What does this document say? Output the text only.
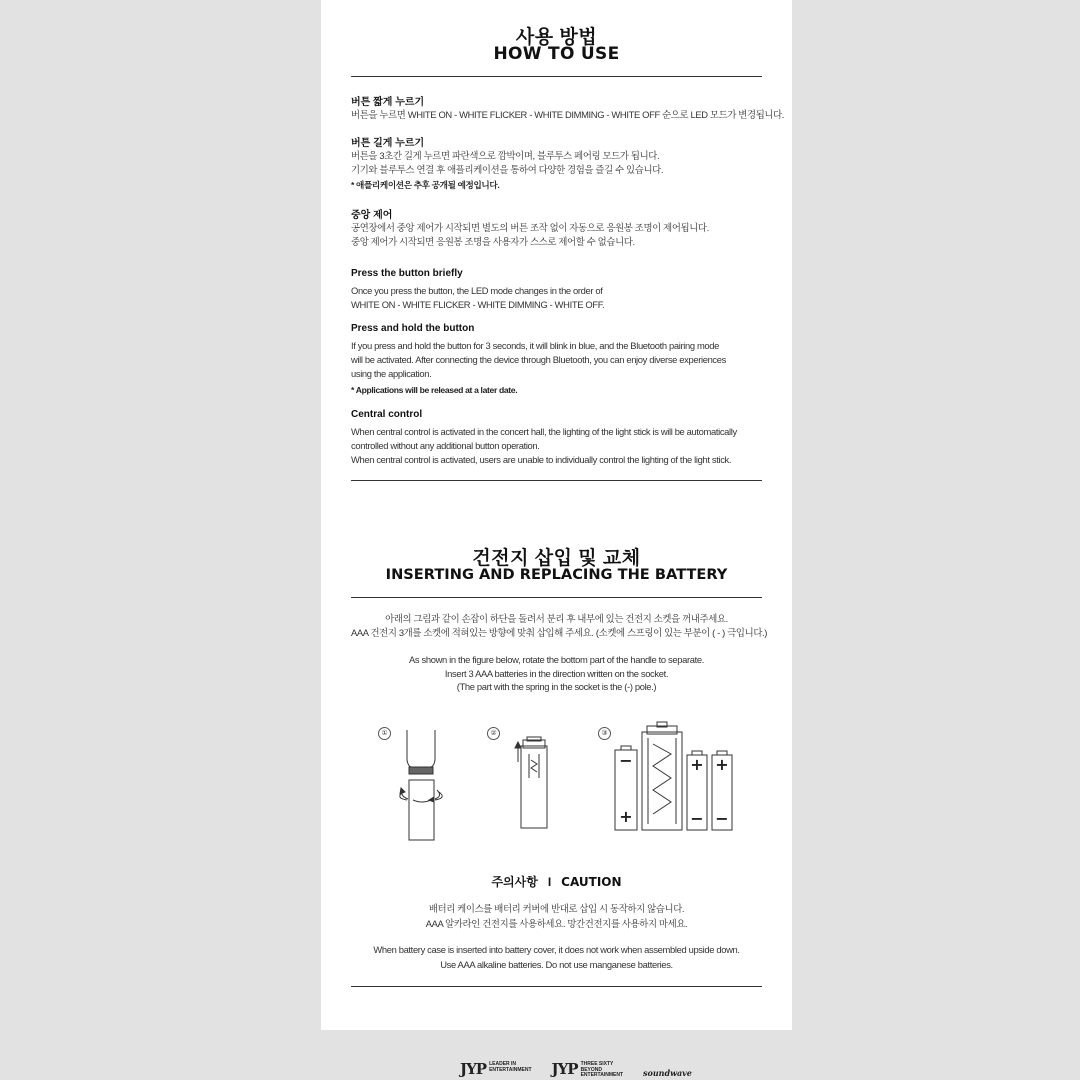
사용 방법
HOW TO USE
버튼 짧게 누르기
버튼을 누르면 WHITE ON - WHITE FLICKER - WHITE DIMMING - WHITE OFF 순으로 LED 모드가 변경됩니다.
버튼 길게 누르기
버튼을 3초간 길게 누르면 파란색으로 깜박이며, 블루투스 페어링 모드가 됩니다.
기기와 블루투스 연결 후 애플리케이션을 통하여 다양한 경험을 즐길 수 있습니다.
* 애플리케이션은 추후 공개될 예정입니다.
중앙 제어
공연장에서 중앙 제어가 시작되면 별도의 버튼 조작 없이 자동으로 응원봉 조명이 제어됩니다.
중앙 제어가 시작되면 응원봉 조명을 사용자가 스스로 제어할 수 없습니다.
Press the button briefly
Once you press the button, the LED mode changes in the order of
WHITE ON - WHITE FLICKER - WHITE DIMMING - WHITE OFF.
Press and hold the button
If you press and hold the button for 3 seconds, it will blink in blue, and the Bluetooth pairing mode
will be activated. After connecting the device through Bluetooth, you can enjoy diverse experiences
using the application.
* Applications will be released at a later date.
Central control
When central control is activated in the concert hall, the lighting of the light stick is will be automatically
controlled without any additional button operation.
When central control is activated, users are unable to individually control the lighting of the light stick.
건전지 삽입 및 교체
INSERTING AND REPLACING THE BATTERY
아래의 그림과 같이 손잡이 하단을 돌려서 분리 후 내부에 있는 건전지 소켓을 꺼내주세요.
AAA 건전지 3개를 소켓에 적혀있는 방향에 맞춰 삽입해 주세요. (소켓에 스프링이 있는 부분이 ( - ) 극입니다.)
As shown in the figure below, rotate the bottom part of the handle to separate.
Insert 3 AAA batteries in the direction written on the socket.
(The part with the spring in the socket is the (-) pole.)
①	②	③
−
+
+
−
+
−
주의사항 I CAUTION
배터리 케이스를 배터리 커버에 반대로 삽입 시 동작하지 않습니다.
AAA 알카라인 건전지를 사용하세요. 망간건전지를 사용하지 마세요.
When battery case is inserted into battery cover, it does not work when assembled upside down.
Use AAA alkaline batteries. Do not use manganese batteries.
JYP LEADER IN
ENTERTAINMENT JYP THREE SIXTY
BEYOND
ENTERTAINMENT	soundwave
